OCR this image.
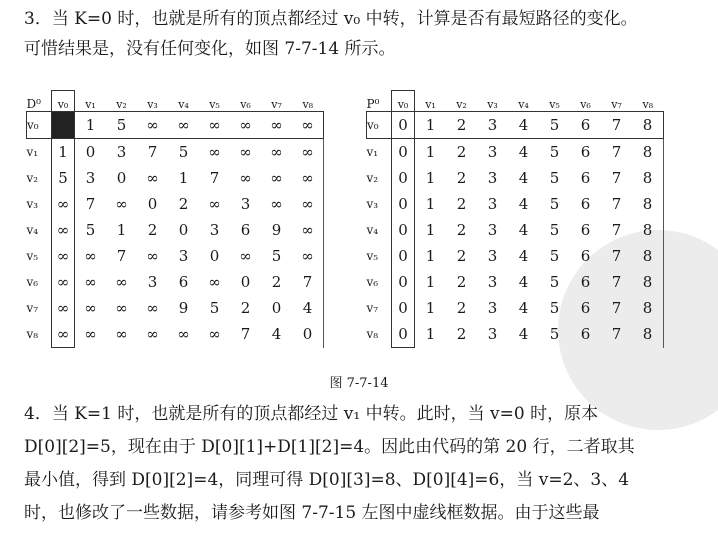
3．当 K=0 时，也就是所有的顶点都经过 v₀ 中转，计算是否有最短路径的变化。
可惜结果是，没有任何变化，如图 7-7-14 所示。
D⁰	v₀	v₁	v₂	v₃	v₄	v₅	v₆	v₇	v₈
v₀		1	5	∞	∞	∞	∞	∞	∞
v₁	1	0	3	7	5	∞	∞	∞	∞
v₂	5	3	0	∞	1	7	∞	∞	∞
v₃	∞	7	∞	0	2	∞	3	∞	∞
v₄	∞	5	1	2	0	3	6	9	∞
v₅	∞	∞	7	∞	3	0	∞	5	∞
v₆	∞	∞	∞	3	6	∞	0	2	7
v₇	∞	∞	∞	∞	9	5	2	0	4
v₈	∞	∞	∞	∞	∞	∞	7	4	0
P⁰	v₀	v₁	v₂	v₃	v₄	v₅	v₆	v₇	v₈
v₀	0	1	2	3	4	5	6	7	8
v₁	0	1	2	3	4	5	6	7	8
v₂	0	1	2	3	4	5	6	7	8
v₃	0	1	2	3	4	5	6	7	8
v₄	0	1	2	3	4	5	6	7	8
v₅	0	1	2	3	4	5	6	7	8
v₆	0	1	2	3	4	5	6	7	8
v₇	0	1	2	3	4	5	6	7	8
v₈	0	1	2	3	4	5	6	7	8
图 7-7-14
4．当 K=1 时，也就是所有的顶点都经过 v₁ 中转。此时，当 v=0 时，原本
D[0][2]=5，现在由于 D[0][1]+D[1][2]=4。因此由代码的第 20 行，二者取其
最小值，得到 D[0][2]=4，同理可得 D[0][3]=8、D[0][4]=6，当 v=2、3、4
时，也修改了一些数据，请参考如图 7-7-15 左图中虚线框数据。由于这些最
